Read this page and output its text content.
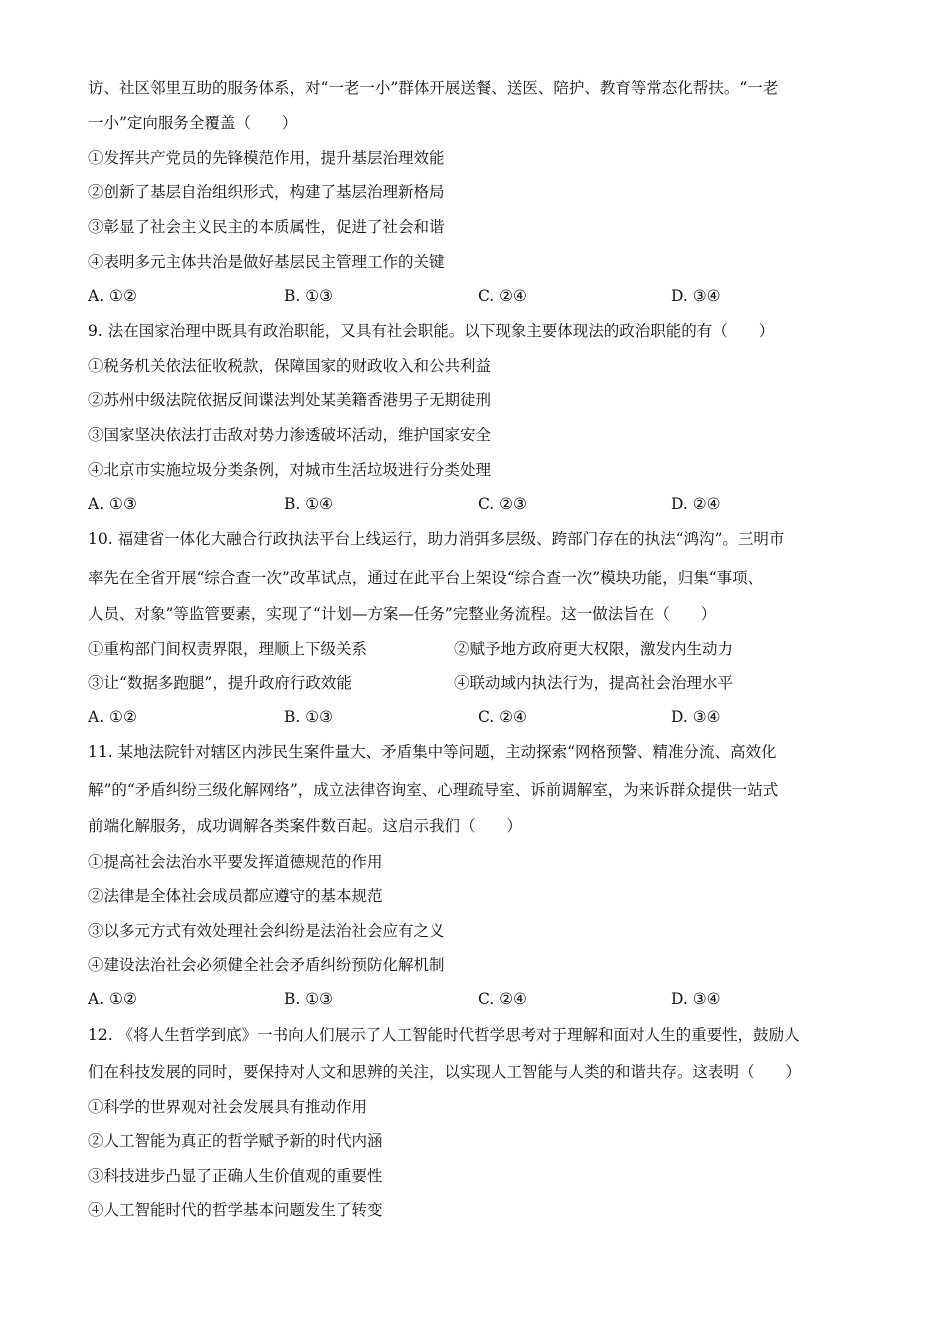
访、社区邻里互助的服务体系，对“一老一小”群体开展送餐、送医、陪护、教育等常态化帮扶。“一老
一小”定向服务全覆盖（　　）
①发挥共产党员的先锋模范作用，提升基层治理效能
②创新了基层自治组织形式，构建了基层治理新格局
③彰显了社会主义民主的本质属性，促进了社会和谐
④表明多元主体共治是做好基层民主管理工作的关键
A. ①②	B. ①③	C. ②④	D. ③④
9. 法在国家治理中既具有政治职能，又具有社会职能。以下现象主要体现法的政治职能的有（　　）
①税务机关依法征收税款，保障国家的财政收入和公共利益
②苏州中级法院依据反间谍法判处某美籍香港男子无期徒刑
③国家坚决依法打击敌对势力渗透破坏活动，维护国家安全
④北京市实施垃圾分类条例，对城市生活垃圾进行分类处理
A. ①③	B. ①④	C. ②③	D. ②④
10. 福建省一体化大融合行政执法平台上线运行，助力消弭多层级、跨部门存在的执法“鸿沟”。三明市
率先在全省开展“综合查一次”改革试点，通过在此平台上架设“综合查一次”模块功能，归集“事项、
人员、对象”等监管要素，实现了“计划—方案—任务”完整业务流程。这一做法旨在（　　）
①重构部门间权责界限，理顺上下级关系	②赋予地方政府更大权限，激发内生动力
③让“数据多跑腿”，提升政府行政效能	④联动域内执法行为，提高社会治理水平
A. ①②	B. ①③	C. ②④	D. ③④
11. 某地法院针对辖区内涉民生案件量大、矛盾集中等问题，主动探索“网格预警、精准分流、高效化
解”的“矛盾纠纷三级化解网络”，成立法律咨询室、心理疏导室、诉前调解室，为来诉群众提供一站式
前端化解服务，成功调解各类案件数百起。这启示我们（　　）
①提高社会法治水平要发挥道德规范的作用
②法律是全体社会成员都应遵守的基本规范
③以多元方式有效处理社会纠纷是法治社会应有之义
④建设法治社会必须健全社会矛盾纠纷预防化解机制
A. ①②	B. ①③	C. ②④	D. ③④
12. 《将人生哲学到底》一书向人们展示了人工智能时代哲学思考对于理解和面对人生的重要性，鼓励人
们在科技发展的同时，要保持对人文和思辨的关注，以实现人工智能与人类的和谐共存。这表明（　　）
①科学的世界观对社会发展具有推动作用
②人工智能为真正的哲学赋予新的时代内涵
③科技进步凸显了正确人生价值观的重要性
④人工智能时代的哲学基本问题发生了转变
